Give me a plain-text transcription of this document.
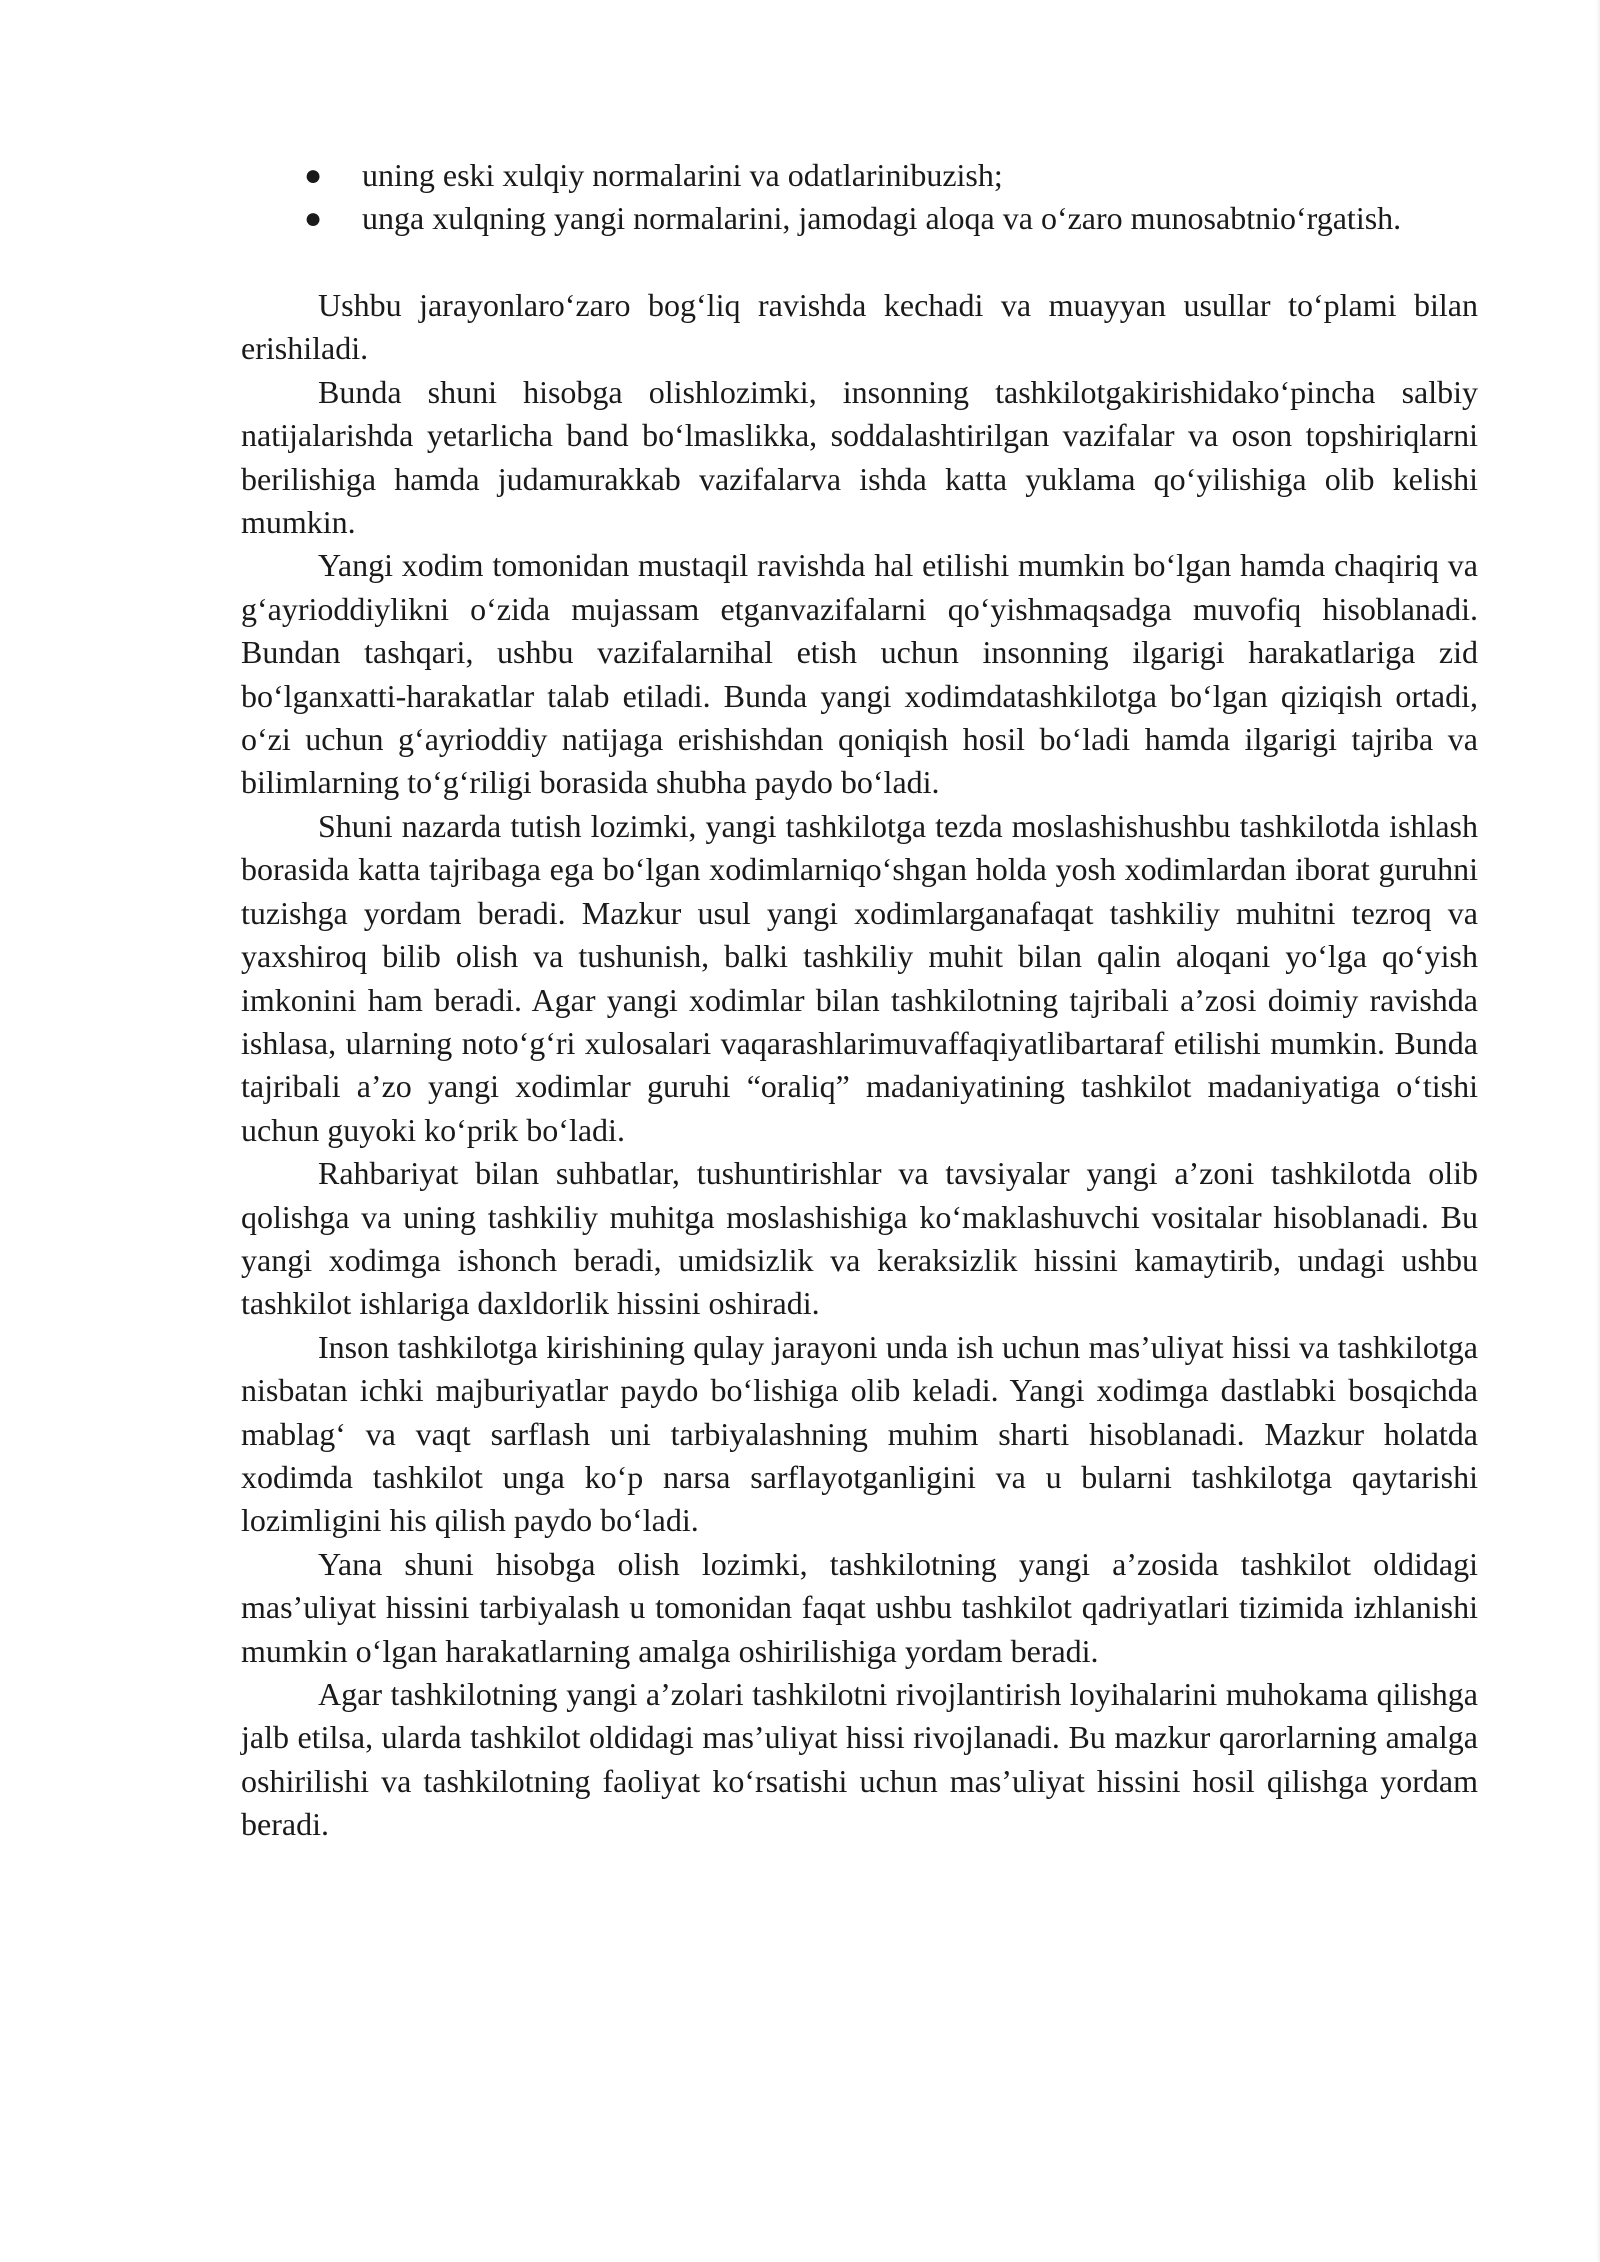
● uning eski xulqiy normalarini va odatlarinibuzish;
● unga xulqning yangi normalarini, jamodagi aloqa va o‘zaro munosabtnio‘rgatish.

Ushbu jarayonlaro‘zaro bog‘liq ravishda kechadi va muayyan usullar to‘plami bilan erishiladi.

Bunda shuni hisobga olishlozimki, insonning tashkilotgakirishidako‘pincha salbiy natijalarishda yetarlicha band bo‘lmaslikka, soddalashtirilgan vazifalar va oson topshiriqlarni berilishiga hamda judamurakkab vazifalarva ishda katta yuklama qo‘yilishiga olib kelishi mumkin.

Yangi xodim tomonidan mustaqil ravishda hal etilishi mumkin bo‘lgan hamda chaqiriq va g‘ayrioddiylikni o‘zida mujassam etganvazifalarni qo‘yishmaqsadga muvofiq hisoblanadi. Bundan tashqari, ushbu vazifalarnihal etish uchun insonning ilgarigi harakatlariga zid bo‘lganxatti-harakatlar talab etiladi. Bunda yangi xodimdatashkilotga bo‘lgan qiziqish ortadi, o‘zi uchun g‘ayrioddiy natijaga erishishdan qoniqish hosil bo‘ladi hamda ilgarigi tajriba va bilimlarning to‘g‘riligi borasida shubha paydo bo‘ladi.

Shuni nazarda tutish lozimki, yangi tashkilotga tezda moslashishushbu tashkilotda ishlash borasida katta tajribaga ega bo‘lgan xodimlarniqo‘shgan holda yosh xodimlardan iborat guruhni tuzishga yordam beradi. Mazkur usul yangi xodimlarganafaqat tashkiliy muhitni tezroq va yaxshiroq bilib olish va tushunish, balki tashkiliy muhit bilan qalin aloqani yo‘lga qo‘yish imkonini ham beradi. Agar yangi xodimlar bilan tashkilotning tajribali a’zosi doimiy ravishda ishlasa, ularning noto‘g‘ri xulosalari vaqarashlarimuvaffaqiyatlibartaraf etilishi mumkin. Bunda tajribali a’zo yangi xodimlar guruhi “oraliq” madaniyatining tashkilot madaniyatiga o‘tishi uchun guyoki ko‘prik bo‘ladi.

Rahbariyat bilan suhbatlar, tushuntirishlar va tavsiyalar yangi a’zoni tashkilotda olib qolishga va uning tashkiliy muhitga moslashishiga ko‘maklashuvchi vositalar hisoblanadi. Bu yangi xodimga ishonch beradi, umidsizlik va keraksizlik hissini kamaytirib, undagi ushbu tashkilot ishlariga daxldorlik hissini oshiradi.

Inson tashkilotga kirishining qulay jarayoni unda ish uchun mas’uliyat hissi va tashkilotga nisbatan ichki majburiyatlar paydo bo‘lishiga olib keladi. Yangi xodimga dastlabki bosqichda mablag‘ va vaqt sarflash uni tarbiyalashning muhim sharti hisoblanadi. Mazkur holatda xodimda tashkilot unga ko‘p narsa sarflayotganligini va u bularni tashkilotga qaytarishi lozimligini his qilish paydo bo‘ladi.

Yana shuni hisobga olish lozimki, tashkilotning yangi a’zosida tashkilot oldidagi mas’uliyat hissini tarbiyalash u tomonidan faqat ushbu tashkilot qadriyatlari tizimida izhlanishi mumkin o‘lgan harakatlarning amalga oshirilishiga yordam beradi.

Agar tashkilotning yangi a’zolari tashkilotni rivojlantirish loyihalarini muhokama qilishga jalb etilsa, ularda tashkilot oldidagi mas’uliyat hissi rivojlanadi. Bu mazkur qarorlarning amalga oshirilishi va tashkilotning faoliyat ko‘rsatishi uchun mas’uliyat hissini hosil qilishga yordam beradi.
